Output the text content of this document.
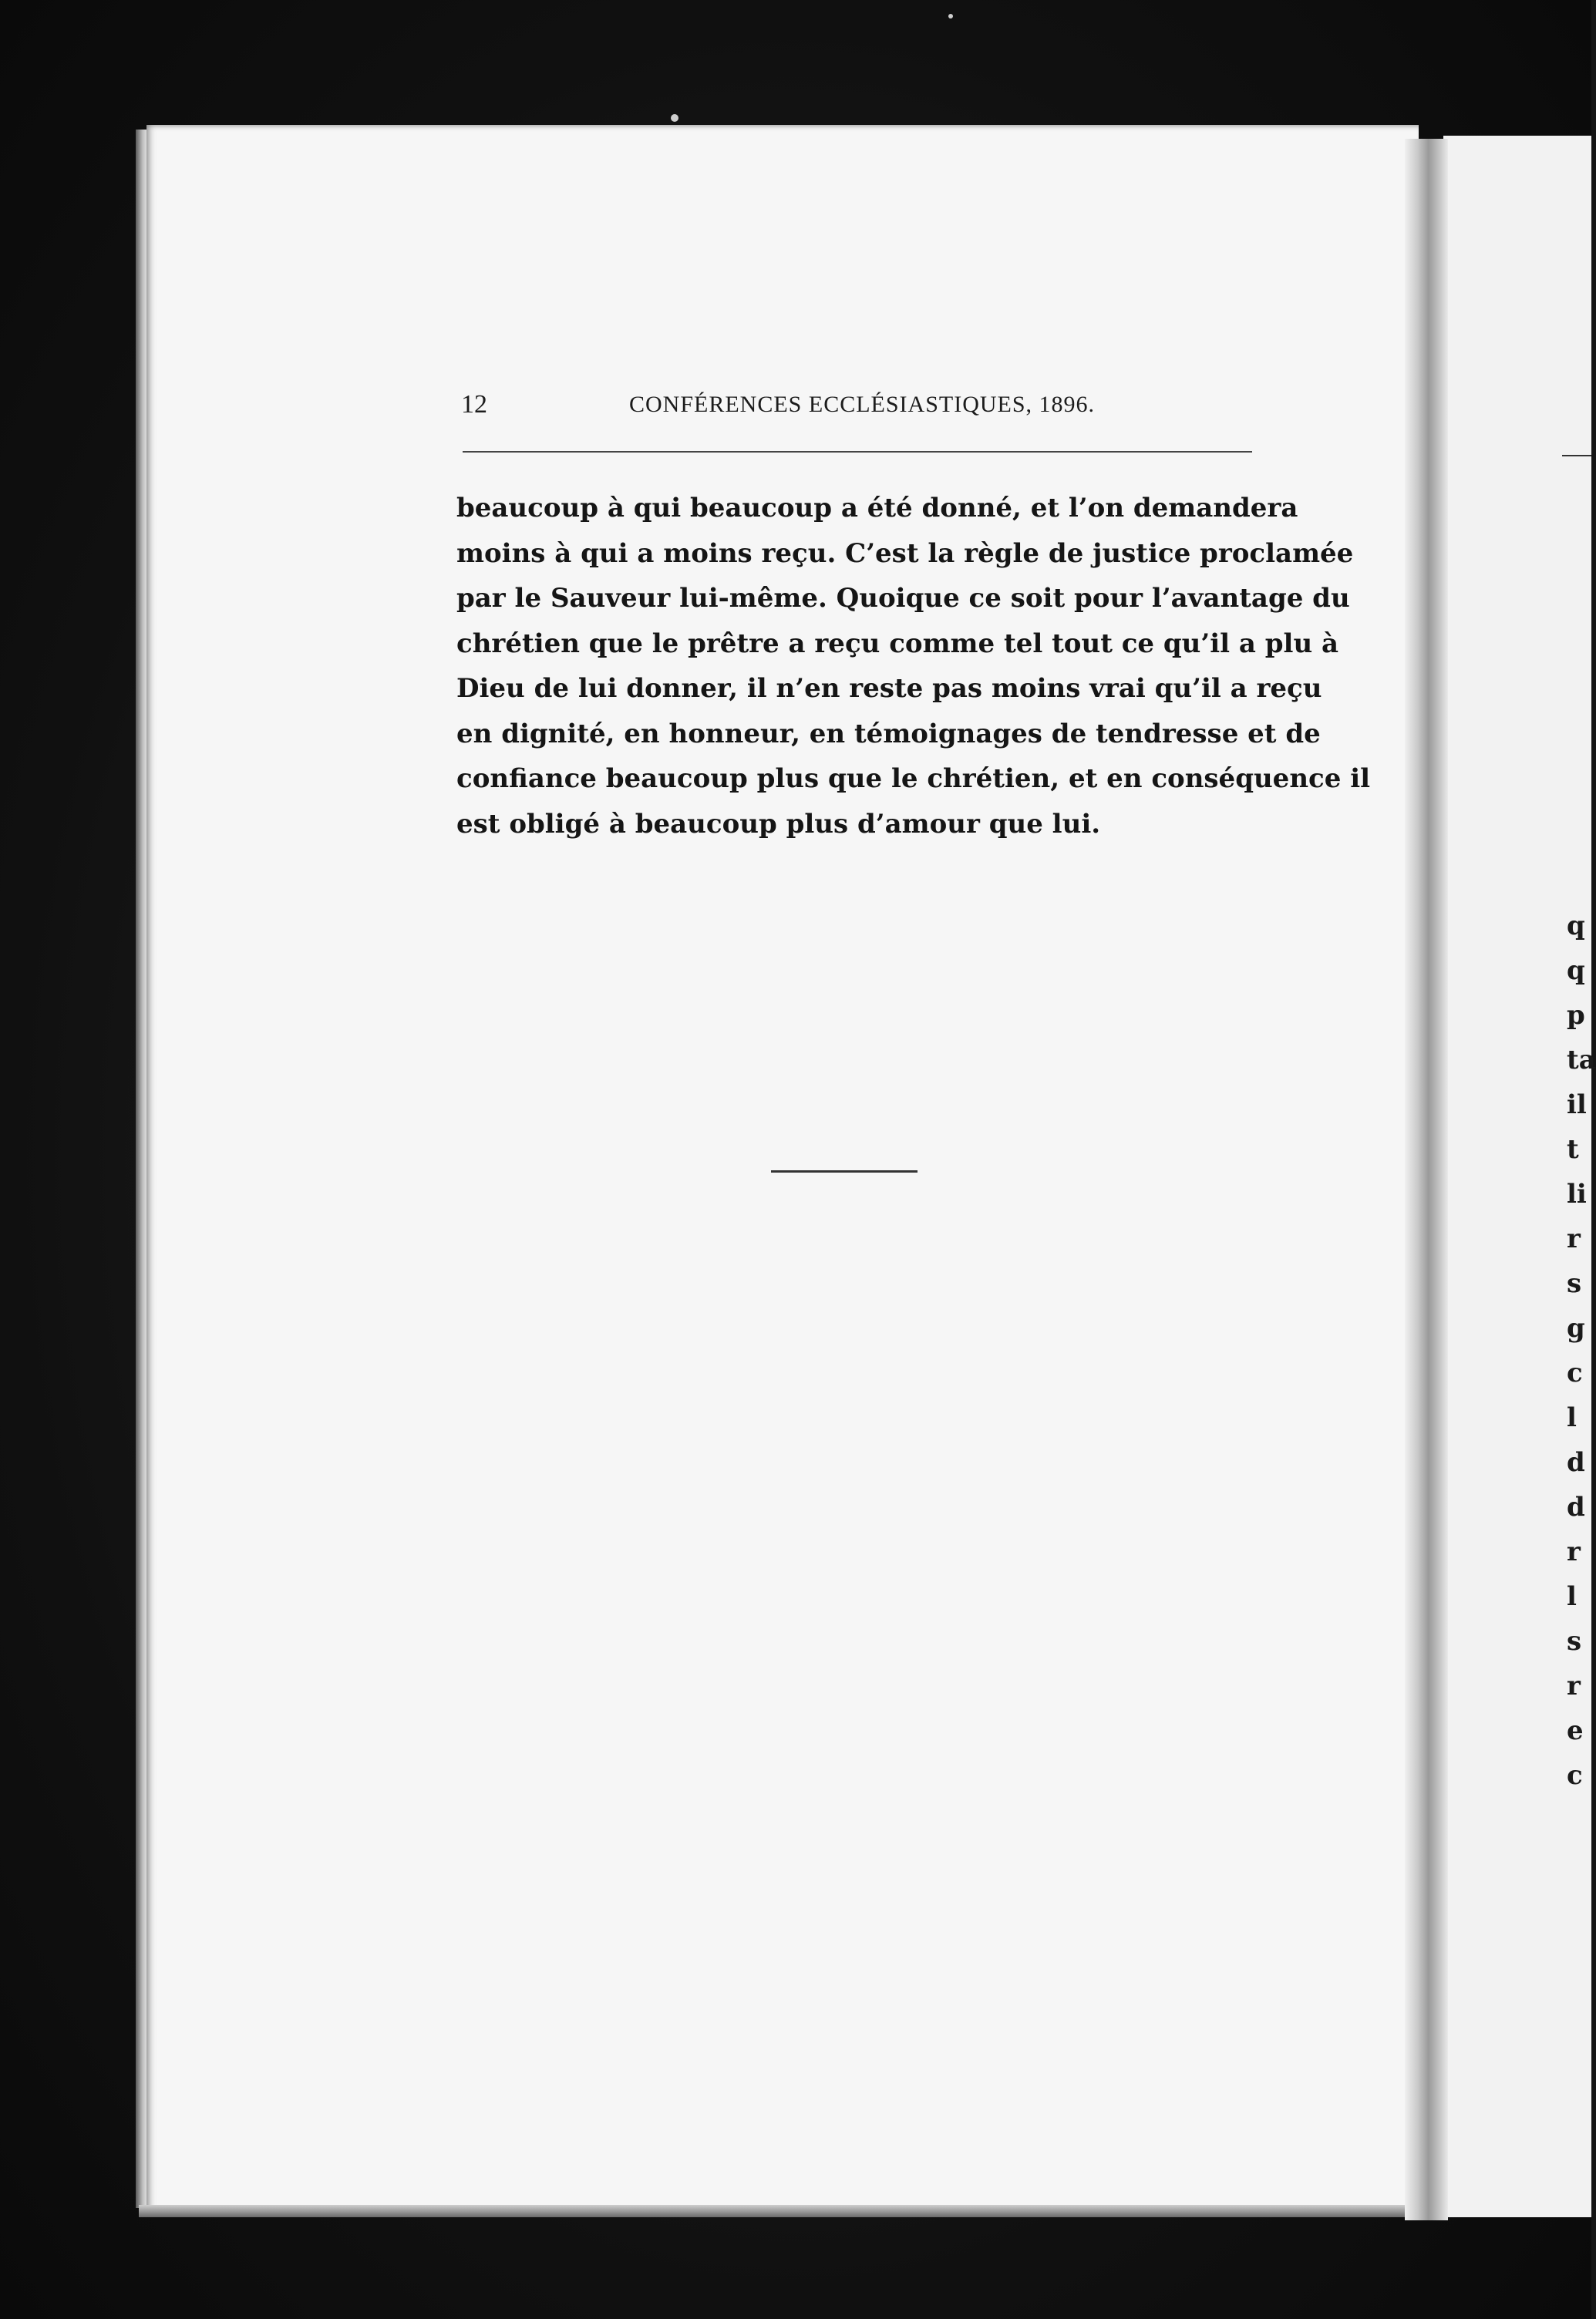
q
q
p
ta
il
t
li
r
s
g
c
l
d
d
r
l
s
r
e
c
12	CONFÉRENCES ECCLÉSIASTIQUES, 1896.
beaucoup à qui beaucoup a été donné, et l’on demandera
moins à qui a moins reçu. C’est la règle de justice proclamée
par le Sauveur lui-même. Quoique ce soit pour l’avantage du
chrétien que le prêtre a reçu comme tel tout ce qu’il a plu à
Dieu de lui donner, il n’en reste pas moins vrai qu’il a reçu
en dignité, en honneur, en témoignages de tendresse et de
confiance beaucoup plus que le chrétien, et en conséquence il
est obligé à beaucoup plus d’amour que lui.
